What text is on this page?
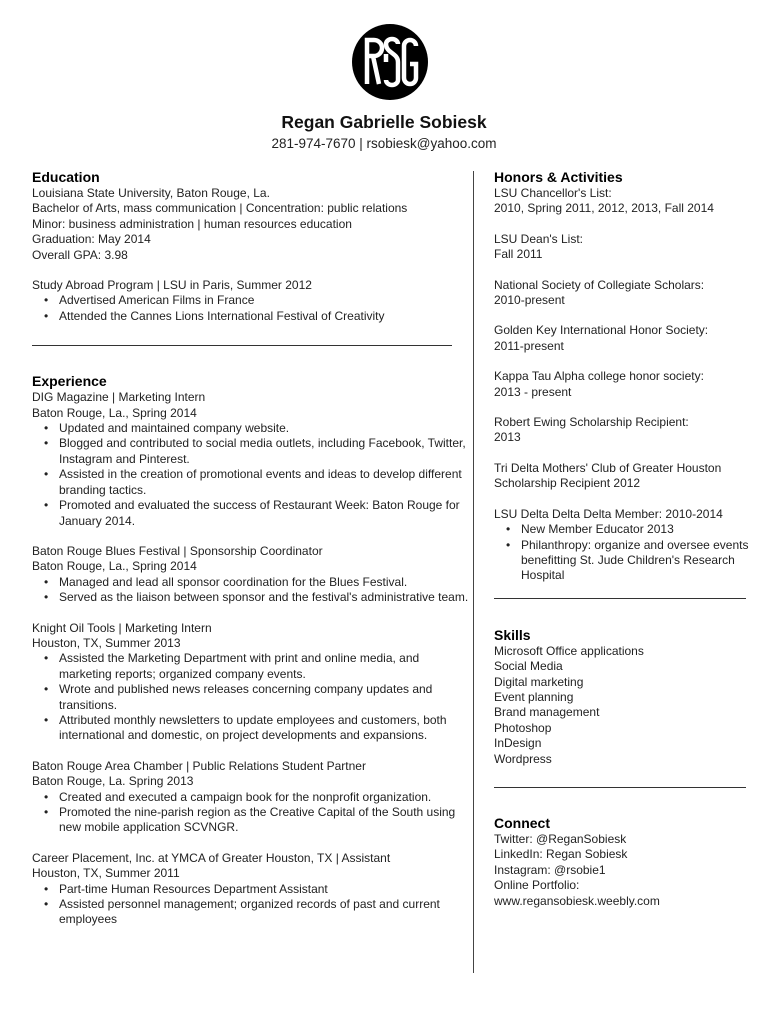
Regan Gabrielle Sobiesk
281-974-7670 | rsobiesk@yahoo.com
Education
Louisiana State University, Baton Rouge, La.
Bachelor of Arts, mass communication | Concentration: public relations
Minor: business administration | human resources education
Graduation: May 2014
Overall GPA: 3.98
Study Abroad Program | LSU in Paris, Summer 2012
• Advertised American Films in France
• Attended the Cannes Lions International Festival of Creativity
Experience
DIG Magazine | Marketing Intern
Baton Rouge, La., Spring 2014
• Updated and maintained company website.
• Blogged and contributed to social media outlets, including Facebook, Twitter, Instagram and Pinterest.
• Assisted in the creation of promotional events and ideas to develop different branding tactics.
• Promoted and evaluated the success of Restaurant Week: Baton Rouge for January 2014.
Baton Rouge Blues Festival | Sponsorship Coordinator
Baton Rouge, La., Spring 2014
• Managed and lead all sponsor coordination for the Blues Festival.
• Served as the liaison between sponsor and the festival's administrative team.
Knight Oil Tools | Marketing Intern
Houston, TX, Summer 2013
• Assisted the Marketing Department with print and online media, and marketing reports; organized company events.
• Wrote and published news releases concerning company updates and transitions.
• Attributed monthly newsletters to update employees and customers, both international and domestic, on project developments and expansions.
Baton Rouge Area Chamber | Public Relations Student Partner
Baton Rouge, La. Spring 2013
• Created and executed a campaign book for the nonprofit organization.
• Promoted the nine-parish region as the Creative Capital of the South using new mobile application SCVNGR.
Career Placement, Inc. at YMCA of Greater Houston, TX | Assistant
Houston, TX, Summer 2011
• Part-time Human Resources Department Assistant
• Assisted personnel management; organized records of past and current employees
Honors & Activities
LSU Chancellor's List:
2010, Spring 2011, 2012, 2013, Fall 2014
LSU Dean's List:
Fall 2011
National Society of Collegiate Scholars:
2010-present
Golden Key International Honor Society:
2011-present
Kappa Tau Alpha college honor society:
2013 - present
Robert Ewing Scholarship Recipient:
2013
Tri Delta Mothers' Club of Greater Houston
Scholarship Recipient 2012
LSU Delta Delta Delta Member: 2010-2014
• New Member Educator 2013
• Philanthropy: organize and oversee events benefitting St. Jude Children's Research Hospital
Skills
Microsoft Office applications
Social Media
Digital marketing
Event planning
Brand management
Photoshop
InDesign
Wordpress
Connect
Twitter: @ReganSobiesk
LinkedIn: Regan Sobiesk
Instagram: @rsobie1
Online Portfolio:
www.regansobiesk.weebly.com
